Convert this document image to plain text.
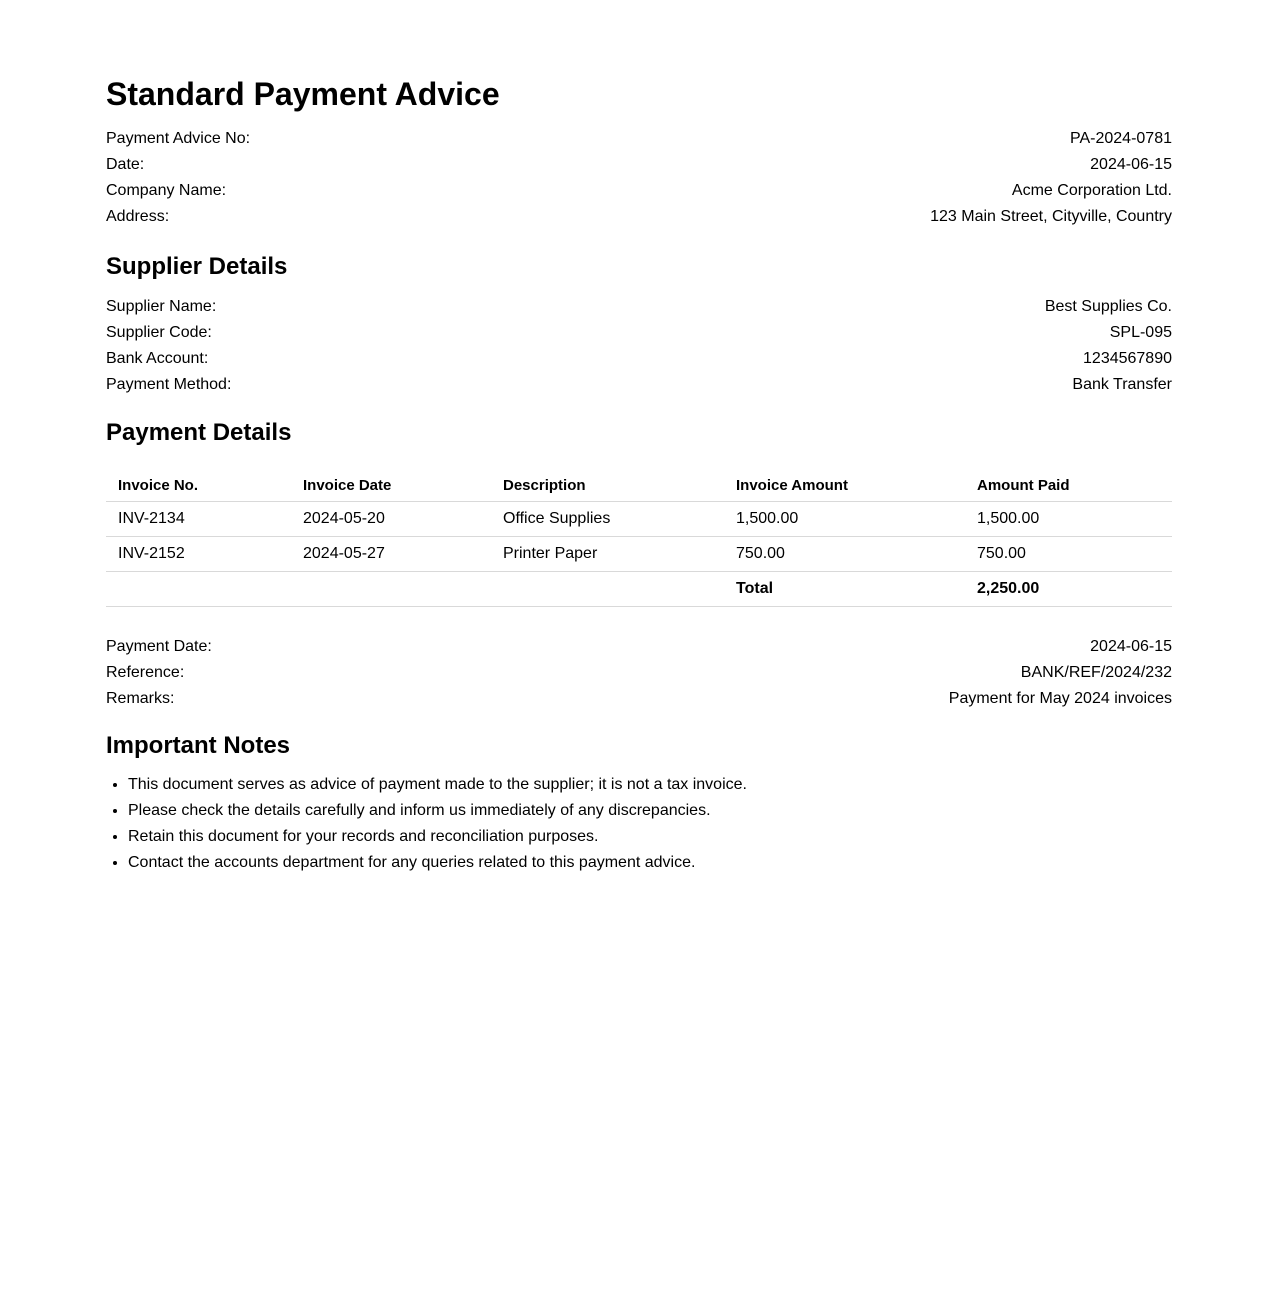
Standard Payment Advice
Payment Advice No:	PA-2024-0781
Date:	2024-06-15
Company Name:	Acme Corporation Ltd.
Address:	123 Main Street, Cityville, Country
Supplier Details
Supplier Name:	Best Supplies Co.
Supplier Code:	SPL-095
Bank Account:	1234567890
Payment Method:	Bank Transfer
Payment Details
Invoice No.	Invoice Date	Description	Invoice Amount	Amount Paid
INV-2134	2024-05-20	Office Supplies	1,500.00	1,500.00
INV-2152	2024-05-27	Printer Paper	750.00	750.00
			Total	2,250.00
Payment Date:	2024-06-15
Reference:	BANK/REF/2024/232
Remarks:	Payment for May 2024 invoices
Important Notes
• This document serves as advice of payment made to the supplier; it is not a tax invoice.
• Please check the details carefully and inform us immediately of any discrepancies.
• Retain this document for your records and reconciliation purposes.
• Contact the accounts department for any queries related to this payment advice.
